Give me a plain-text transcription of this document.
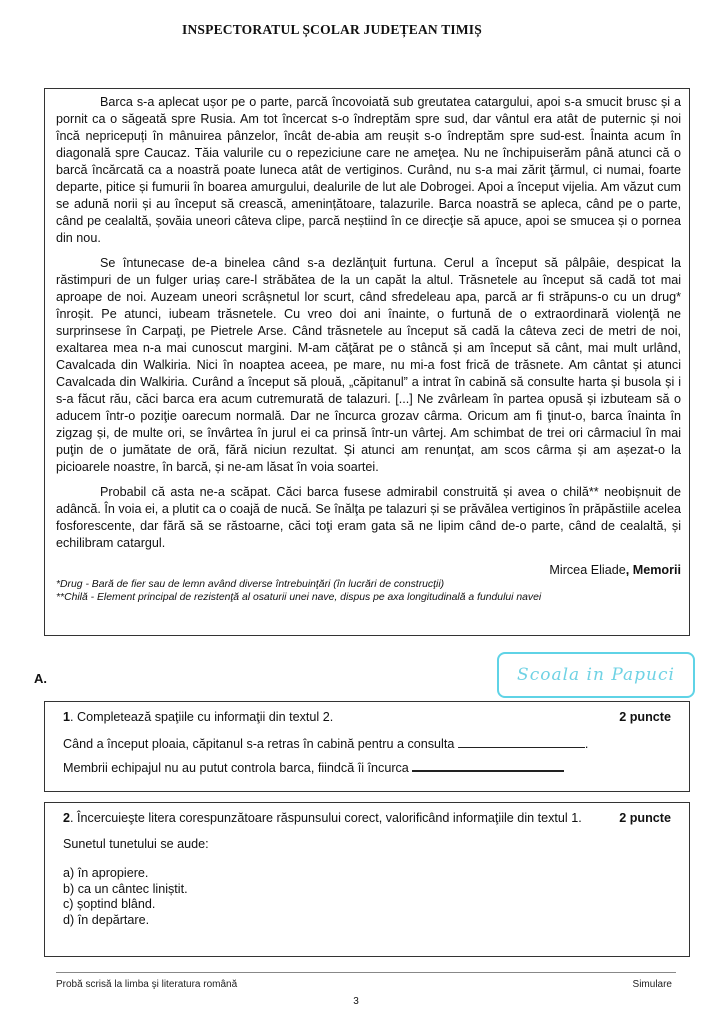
INSPECTORATUL ȘCOLAR JUDEȚEAN TIMIȘ

Barca s-a aplecat ușor pe o parte, parcă încovoiată sub greutatea catargului, apoi s-a smucit brusc și a pornit ca o săgeată spre Rusia. Am tot încercat s-o îndreptăm spre sud, dar vântul era atât de puternic și noi încă nepricepuți în mânuirea pânzelor, încât de-abia am reușit s-o îndreptăm spre sud-est. Înainta acum în diagonală spre Caucaz. Tăia valurile cu o repeziciune care ne ameţea. Nu ne închipuiserăm până atunci că o barcă încărcată ca a noastră poate luneca atât de vertiginos. Curând, nu s-a mai zărit ţărmul, ci numai, foarte departe, pitice și fumurii în boarea amurgului, dealurile de lut ale Dobrogei. Apoi a început vijelia. Am văzut cum se adună norii și au început să crească, amenințătoare, talazurile. Barca noastră se apleca, când pe o parte, când pe cealaltă, șovăia uneori câteva clipe, parcă neștiind în ce direcţie să apuce, apoi se smucea și o pornea din nou.

Se întunecase de-a binelea când s-a dezlănţuit furtuna. Cerul a început să pâlpâie, despicat la răstimpuri de un fulger uriaș care-l străbătea de la un capăt la altul. Trăsnetele au început să cadă tot mai aproape de noi. Auzeam uneori scrâșnetul lor scurt, când sfredeleau apa, parcă ar fi străpuns-o cu un drug* înroșit. Pe atunci, iubeam trăsnetele. Cu vreo doi ani înainte, o furtună de o extraordinară violenţă ne surprinsese în Carpaţi, pe Pietrele Arse. Când trăsnetele au început să cadă la câteva zeci de metri de noi, exaltarea mea n-a mai cunoscut margini. M-am căţărat pe o stâncă și am început să cânt, mai mult urlând, Cavalcada din Walkiria. Nici în noaptea aceea, pe mare, nu mi-a fost frică de trăsnete. Am cântat și atunci Cavalcada din Walkiria. Curând a început să plouă, „căpitanul” a intrat în cabină să consulte harta și busola și i s-a făcut rău, căci barca era acum cutremurată de talazuri. [...] Ne zvârleam în partea opusă și izbuteam să o aducem într-o poziţie oarecum normală. Dar ne încurca grozav cârma. Oricum am fi ţinut-o, barca înainta în zigzag și, de multe ori, se învârtea în jurul ei ca prinsă într-un vârtej. Am schimbat de trei ori cârmaciul în mai puţin de o jumătate de oră, fără niciun rezultat. Și atunci am renunţat, am scos cârma și am așezat-o la picioarele noastre, în barcă, și ne-am lăsat în voia soartei.

Probabil că asta ne-a scăpat. Căci barca fusese admirabil construită și avea o chilă** neobișnuit de adâncă. În voia ei, a plutit ca o coajă de nucă. Se înălţa pe talazuri și se prăvălea vertiginos în prăpăstiile acelea fosforescente, dar fără să se răstoarne, căci toţi eram gata să ne lipim când de-o parte, când de cealaltă, și echilibram catargul.

Mircea Eliade, Memorii
*Drug - Bară de fier sau de lemn având diverse întrebuinţări (în lucrări de construcţii)
**Chilă - Element principal de rezistenţă al osaturii unei nave, dispus pe axa longitudinală a fundului navei
A.	Scoala in Papuci
1. Completează spaţiile cu informaţii din textul 2.	2 puncte
Când a început ploaia, căpitanul s-a retras în cabină pentru a consulta	.
Membrii echipajul nu au putut controla barca, fiindcă îi încurca
2. Încercuieşte litera corespunzătoare răspunsului corect, valorificând informaţiile din textul 1.	2 puncte
Sunetul tunetului se aude:
a) în apropiere.
b) ca un cântec liniștit.
c) șoptind blând.
d) în depărtare.
Probă scrisă la limba şi literatura română	Simulare
3
